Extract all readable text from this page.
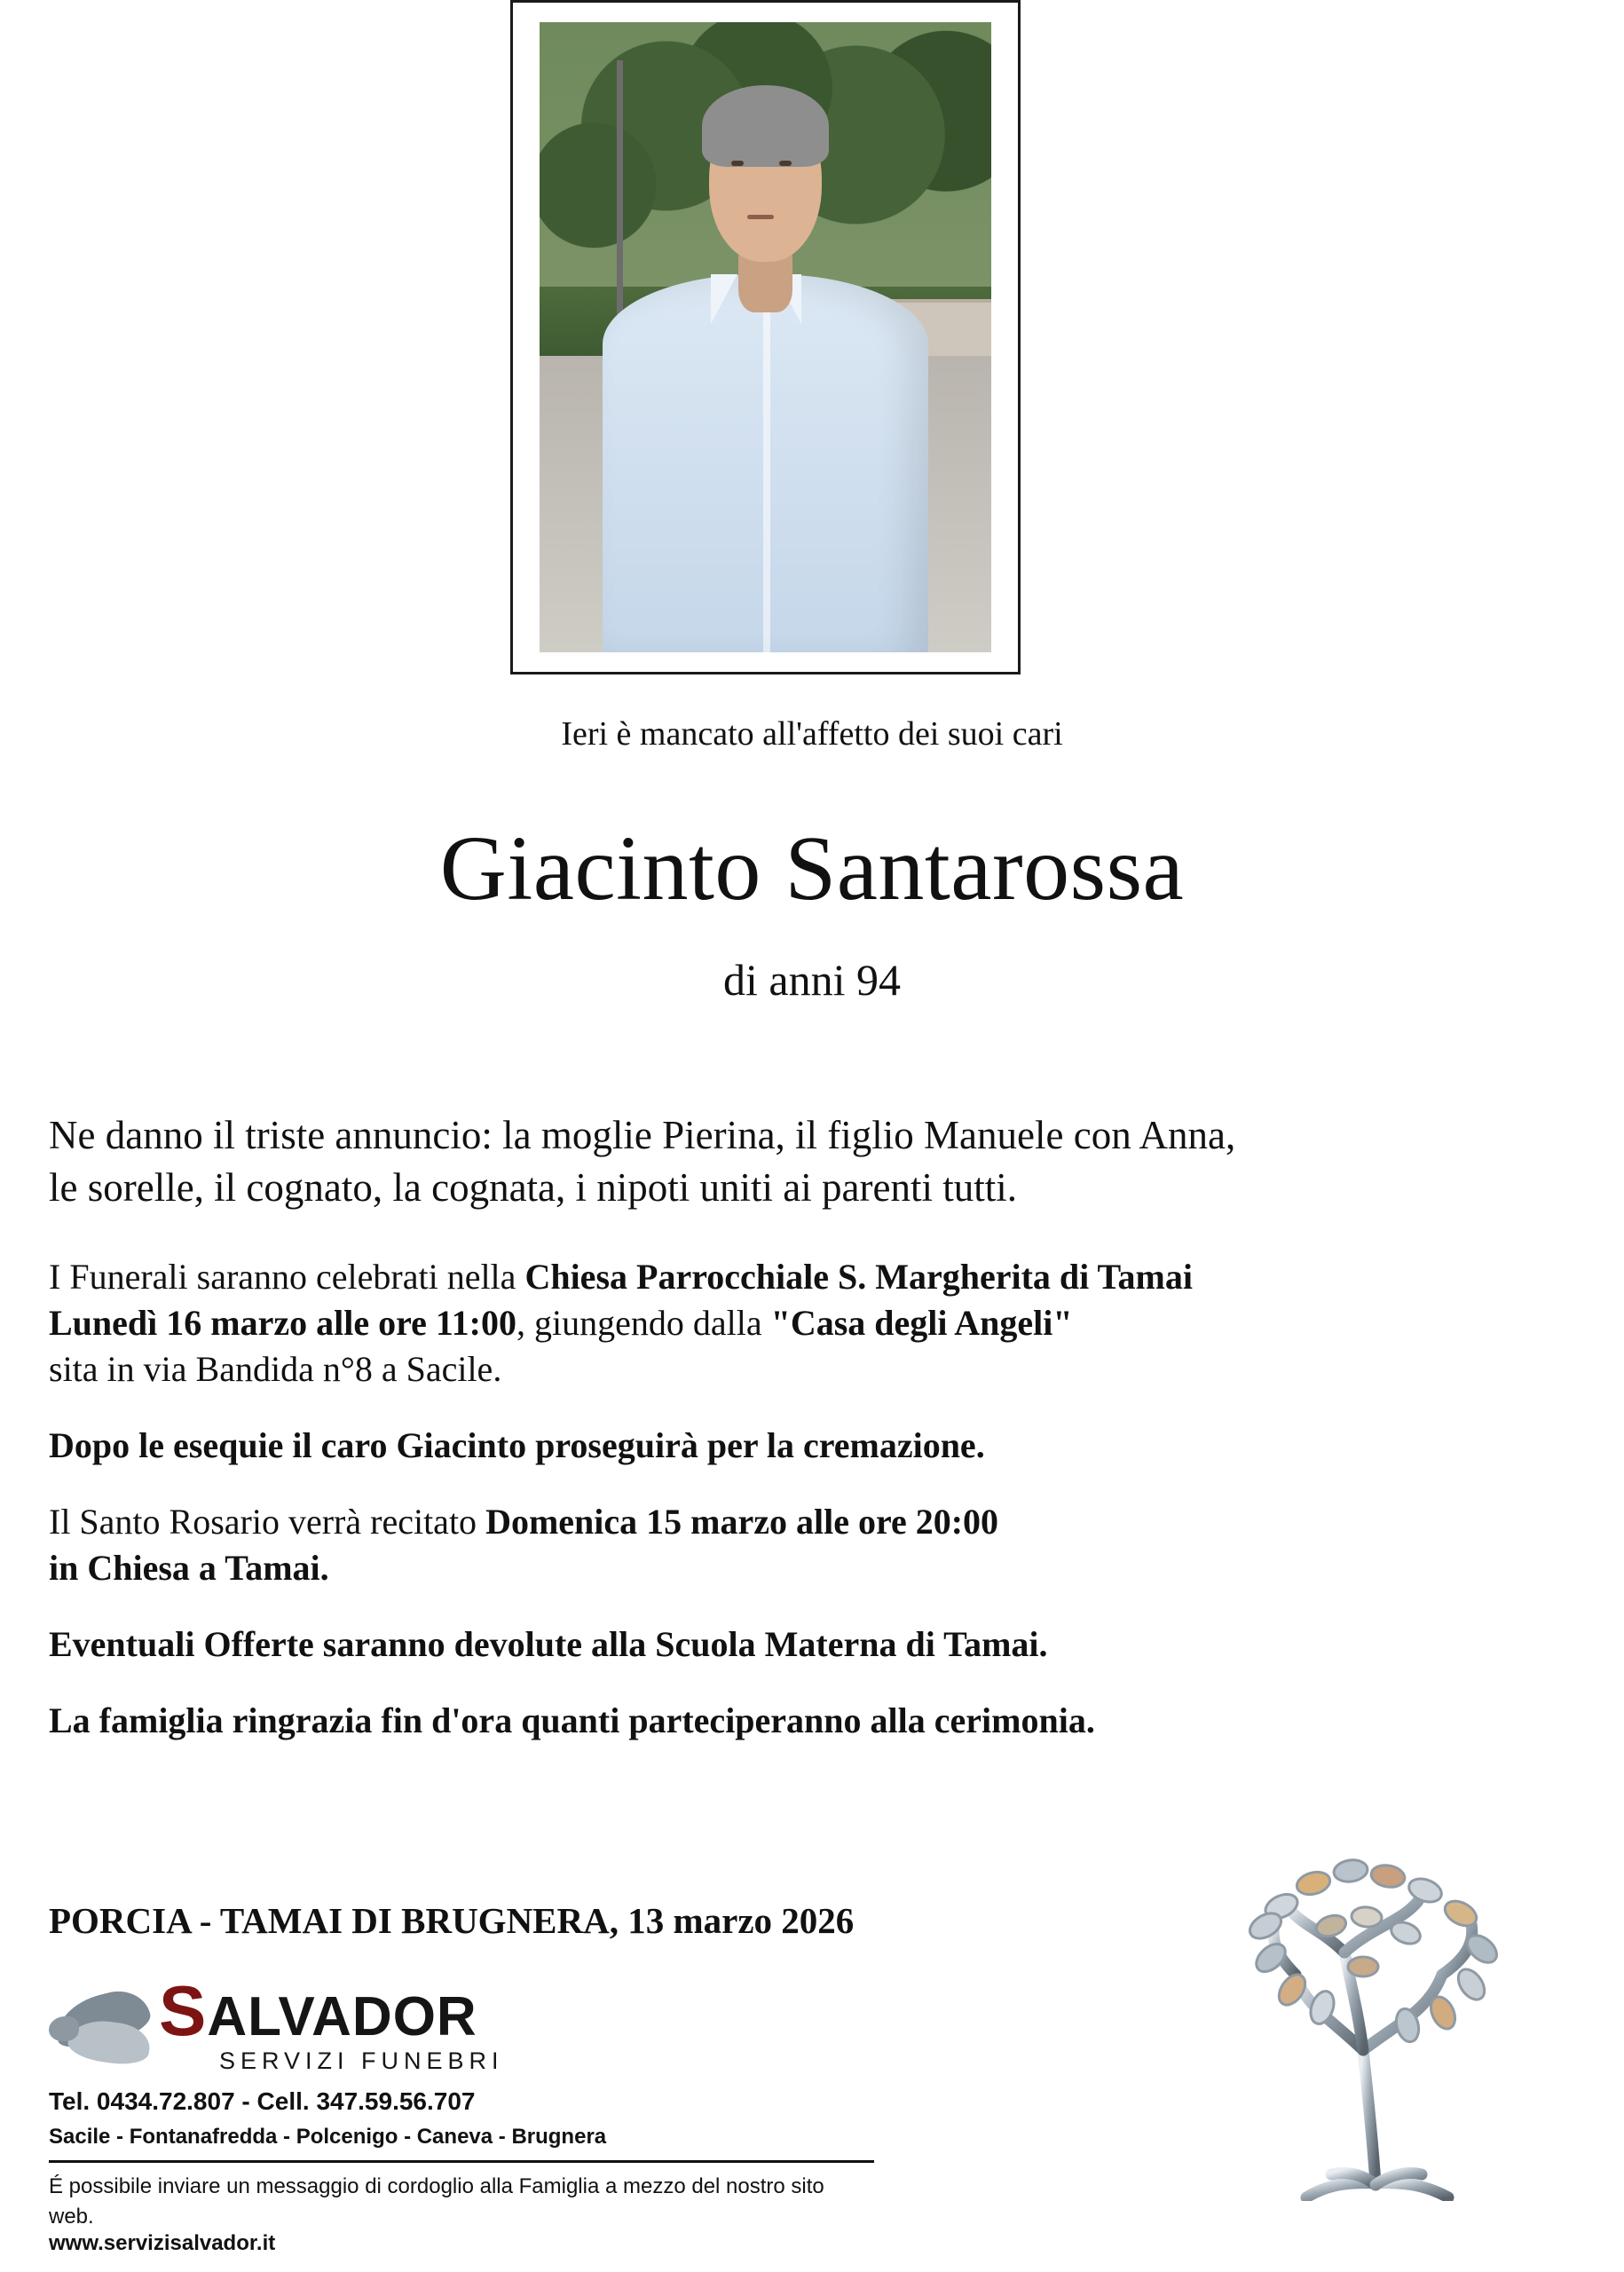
Ieri è mancato all'affetto dei suoi cari
Giacinto Santarossa
di anni 94

Ne danno il triste annuncio: la moglie Pierina, il figlio Manuele con Anna,
le sorelle, il cognato, la cognata, i nipoti uniti ai parenti tutti.

I Funerali saranno celebrati nella Chiesa Parrocchiale S. Margherita di Tamai
Lunedì 16 marzo alle ore 11:00, giungendo dalla "Casa degli Angeli"
sita in via Bandida n°8 a Sacile.

Dopo le esequie il caro Giacinto proseguirà per la cremazione.

Il Santo Rosario verrà recitato Domenica 15 marzo alle ore 20:00
in Chiesa a Tamai.

Eventuali Offerte saranno devolute alla Scuola Materna di Tamai.

La famiglia ringrazia fin d'ora quanti parteciperanno alla cerimonia.

PORCIA - TAMAI DI BRUGNERA, 13 marzo 2026
SALVADOR
SERVIZI FUNEBRI
Tel. 0434.72.807 - Cell. 347.59.56.707
Sacile - Fontanafredda - Polcenigo - Caneva - Brugnera
É possibile inviare un messaggio di cordoglio alla Famiglia a mezzo del nostro sito web.
www.servizisalvador.it
